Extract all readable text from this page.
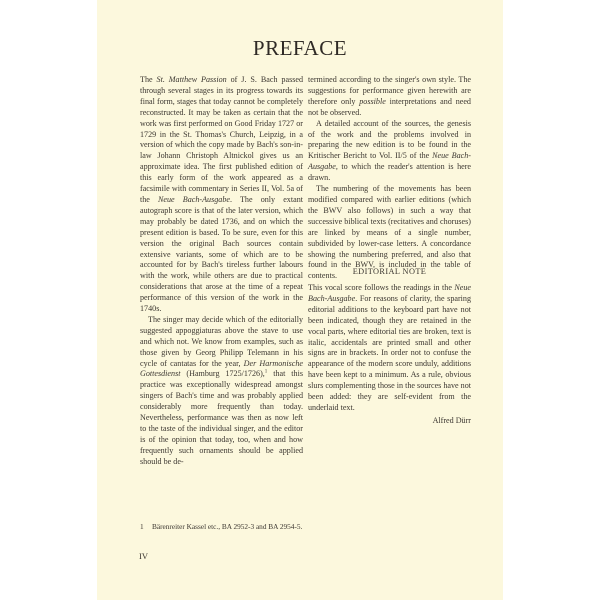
PREFACE

The St. Matthew Passion of J. S. Bach passed through several stages in its progress towards its final form, stages that today cannot be completely reconstructed. It may be taken as certain that the work was first performed on Good Friday 1727 or 1729 in the St. Thomas's Church, Leipzig, in a version of which the copy made by Bach's son-in-law Johann Christoph Altnickol gives us an approximate idea. The first published edition of this early form of the work appeared as a facsimile with commentary in Series II, Vol. 5a of the Neue Bach-Ausgabe. The only extant autograph score is that of the later version, which may probably be dated 1736, and on which the present edition is based. To be sure, even for this version the original Bach sources contain extensive variants, some of which are to be accounted for by Bach's tireless further labours with the work, while others are due to practical considerations that arose at the time of a repeat performance of this version of the work in the 1740s.

The singer may decide which of the editorially suggested appoggiaturas above the stave to use and which not. We know from examples, such as those given by Georg Philipp Telemann in his cycle of cantatas for the year, Der Harmonische Gottesdienst (Hamburg 1725/1726),$^1$ that this practice was exceptionally widespread amongst singers of Bach's time and was probably applied considerably more frequently than today. Nevertheless, performance was then as now left to the taste of the individual singer, and the editor is of the opinion that today, too, when and how frequently such ornaments should be applied should be de-

termined according to the singer's own style. The suggestions for performance given herewith are therefore only possible interpretations and need not be observed.

A detailed account of the sources, the genesis of the work and the problems involved in preparing the new edition is to be found in the Kritischer Bericht to Vol. II/5 of the Neue Bach-Ausgabe, to which the reader's attention is here drawn.

The numbering of the movements has been modified compared with earlier editions (which the BWV also follows) in such a way that successive biblical texts (recitatives and choruses) are linked by means of a single number, subdivided by lower-case letters. A concordance showing the numbering preferred, and also that found in the BWV, is included in the table of contents.	EDITORIAL NOTE

This vocal score follows the readings in the Neue Bach-Ausgabe. For reasons of clarity, the sparing editorial additions to the keyboard part have not been indicated, though they are retained in the vocal parts, where editorial ties are broken, text is italic, accidentals are printed small and other signs are in brackets. In order not to confuse the appearance of the modern score unduly, additions have been kept to a minimum. As a rule, obvious slurs complementing those in the sources have not been added: they are self-evident from the underlaid text.

Alfred Dürr
1 Bärenreiter Kassel etc., BA 2952-3 and BA 2954-5.
IV
